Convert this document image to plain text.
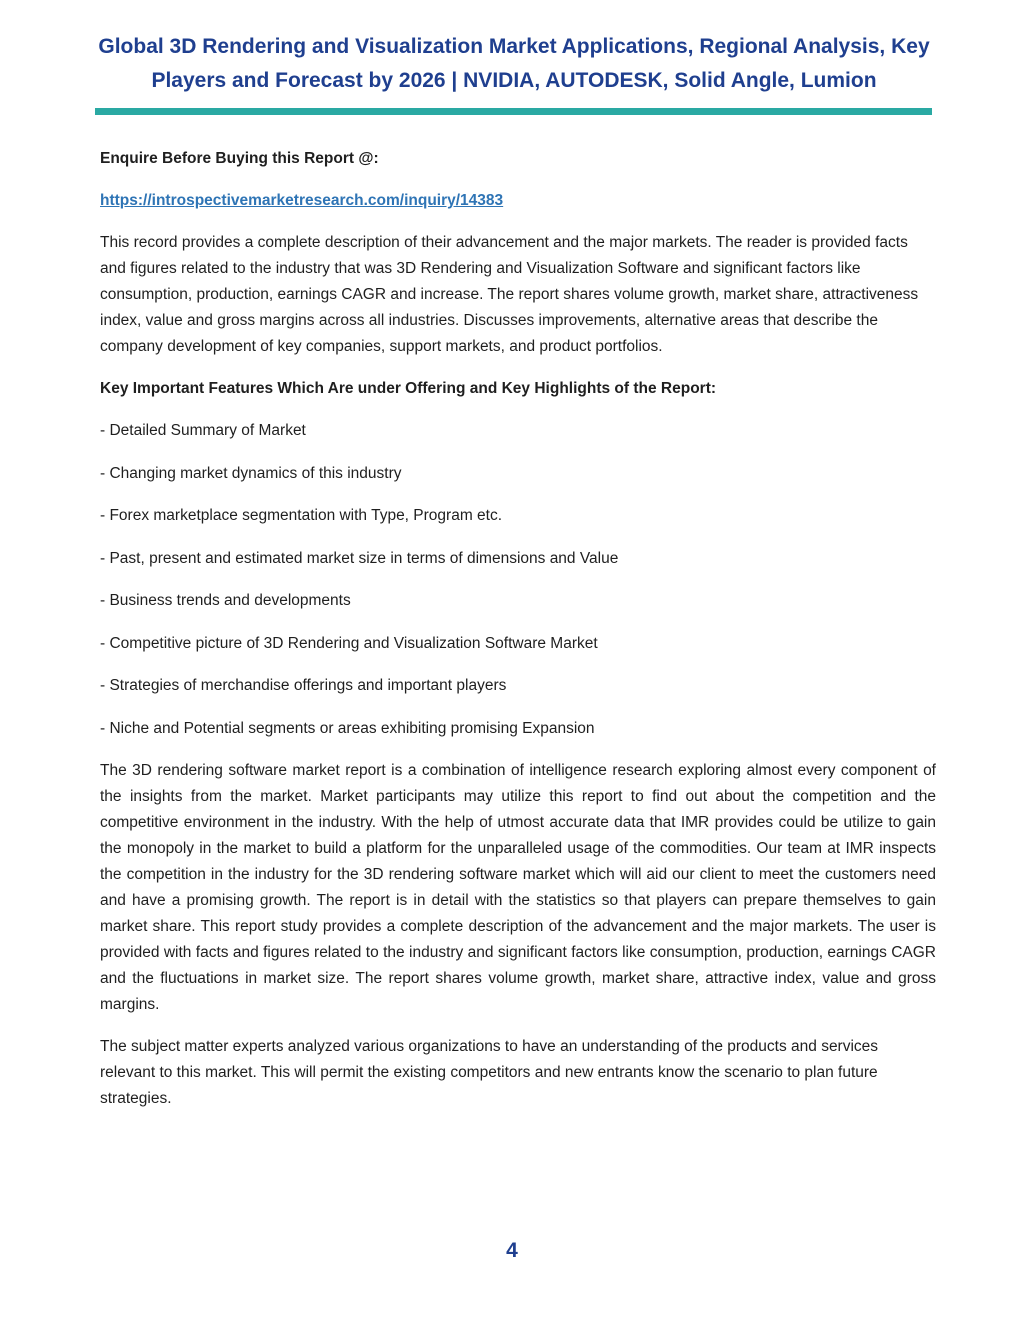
Global 3D Rendering and Visualization Market Applications, Regional Analysis, Key
Players and Forecast by 2026 | NVIDIA, AUTODESK, Solid Angle, Lumion

Enquire Before Buying this Report @:

https://introspectivemarketresearch.com/inquiry/14383

This record provides a complete description of their advancement and the major markets. The reader is provided facts and figures related to the industry that was 3D Rendering and Visualization Software and significant factors like consumption, production, earnings CAGR and increase. The report shares volume growth, market share, attractiveness index, value and gross margins across all industries. Discusses improvements, alternative areas that describe the company development of key companies, support markets, and product portfolios.

Key Important Features Which Are under Offering and Key Highlights of the Report:

- Detailed Summary of Market

- Changing market dynamics of this industry

- Forex marketplace segmentation with Type, Program etc.

- Past, present and estimated market size in terms of dimensions and Value

- Business trends and developments

- Competitive picture of 3D Rendering and Visualization Software Market

- Strategies of merchandise offerings and important players

- Niche and Potential segments or areas exhibiting promising Expansion

The 3D rendering software market report is a combination of intelligence research exploring almost every component of the insights from the market. Market participants may utilize this report to find out about the competition and the competitive environment in the industry. With the help of utmost accurate data that IMR provides could be utilize to gain the monopoly in the market to build a platform for the unparalleled usage of the commodities. Our team at IMR inspects the competition in the industry for the 3D rendering software market which will aid our client to meet the customers need and have a promising growth. The report is in detail with the statistics so that players can prepare themselves to gain market share. This report study provides a complete description of the advancement and the major markets. The user is provided with facts and figures related to the industry and significant factors like consumption, production, earnings CAGR and the fluctuations in market size. The report shares volume growth, market share, attractive index, value and gross margins.

The subject matter experts analyzed various organizations to have an understanding of the products and services relevant to this market. This will permit the existing competitors and new entrants know the scenario to plan future strategies.

4
